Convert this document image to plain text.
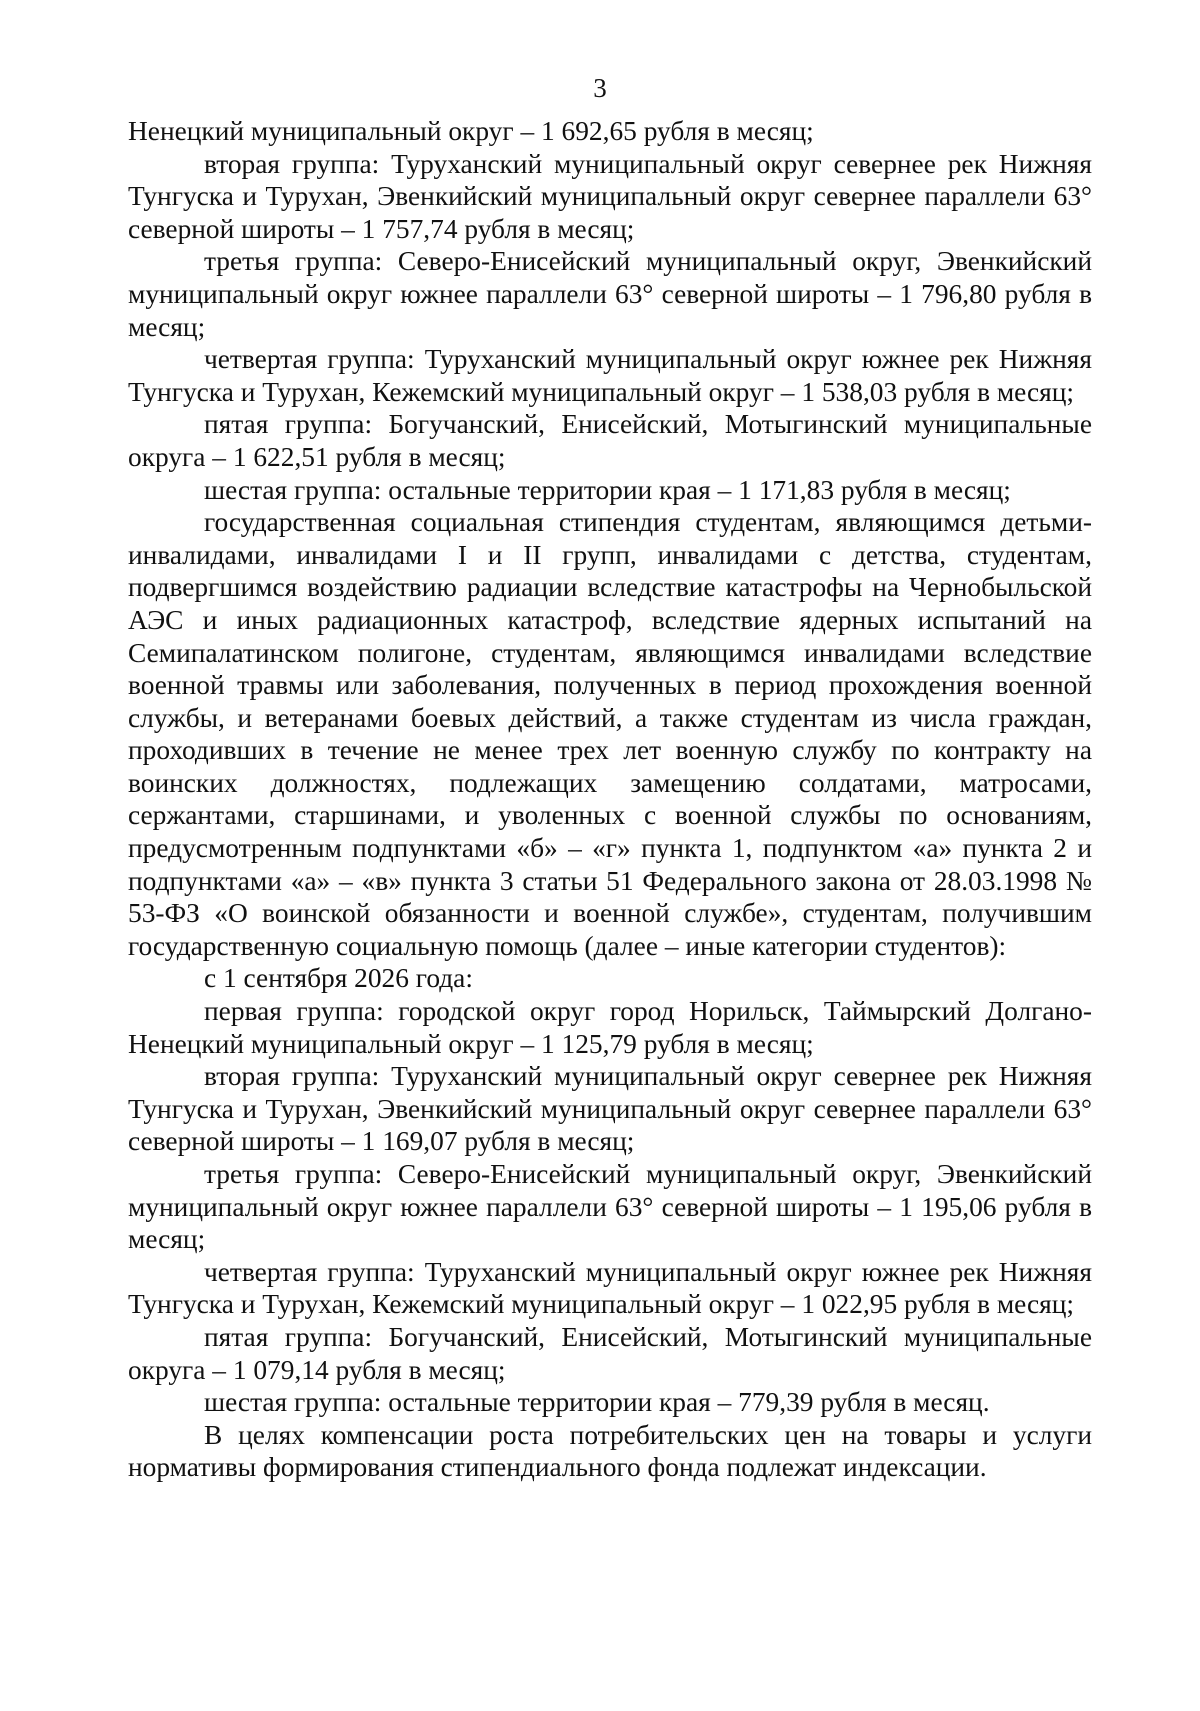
3

Ненецкий муниципальный округ – 1 692,65 рубля в месяц;

вторая группа: Туруханский муниципальный округ севернее рек Нижняя Тунгуска и Турухан, Эвенкийский муниципальный округ севернее параллели 63° северной широты – 1 757,74 рубля в месяц;

третья группа: Северо-Енисейский муниципальный округ, Эвенкийский муниципальный округ южнее параллели 63° северной широты – 1 796,80 рубля в месяц;

четвертая группа: Туруханский муниципальный округ южнее рек Нижняя Тунгуска и Турухан, Кежемский муниципальный округ – 1 538,03 рубля в месяц;

пятая группа: Богучанский, Енисейский, Мотыгинский муниципальные округа – 1 622,51 рубля в месяц;

шестая группа: остальные территории края – 1 171,83 рубля в месяц;

государственная социальная стипендия студентам, являющимся детьми-инвалидами, инвалидами I и II групп, инвалидами с детства, студентам, подвергшимся воздействию радиации вследствие катастрофы на Чернобыльской АЭС и иных радиационных катастроф, вследствие ядерных испытаний на Семипалатинском полигоне, студентам, являющимся инвалидами вследствие военной травмы или заболевания, полученных в период прохождения военной службы, и ветеранами боевых действий, а также студентам из числа граждан, проходивших в течение не менее трех лет военную службу по контракту на воинских должностях, подлежащих замещению солдатами, матросами, сержантами, старшинами, и уволенных с военной службы по основаниям, предусмотренным подпунктами «б» – «г» пункта 1, подпунктом «а» пункта 2 и подпунктами «а» – «в» пункта 3 статьи 51 Федерального закона от 28.03.1998 № 53-ФЗ «О воинской обязанности и военной службе», студентам, получившим государственную социальную помощь (далее – иные категории студентов):

с 1 сентября 2026 года:

первая группа: городской округ город Норильск, Таймырский Долгано-Ненецкий муниципальный округ – 1 125,79 рубля в месяц;

вторая группа: Туруханский муниципальный округ севернее рек Нижняя Тунгуска и Турухан, Эвенкийский муниципальный округ севернее параллели 63° северной широты – 1 169,07 рубля в месяц;

третья группа: Северо-Енисейский муниципальный округ, Эвенкийский муниципальный округ южнее параллели 63° северной широты – 1 195,06 рубля в месяц;

четвертая группа: Туруханский муниципальный округ южнее рек Нижняя Тунгуска и Турухан, Кежемский муниципальный округ – 1 022,95 рубля в месяц;

пятая группа: Богучанский, Енисейский, Мотыгинский муниципальные округа – 1 079,14 рубля в месяц;

шестая группа: остальные территории края – 779,39 рубля в месяц.

В целях компенсации роста потребительских цен на товары и услуги нормативы формирования стипендиального фонда подлежат индексации.
